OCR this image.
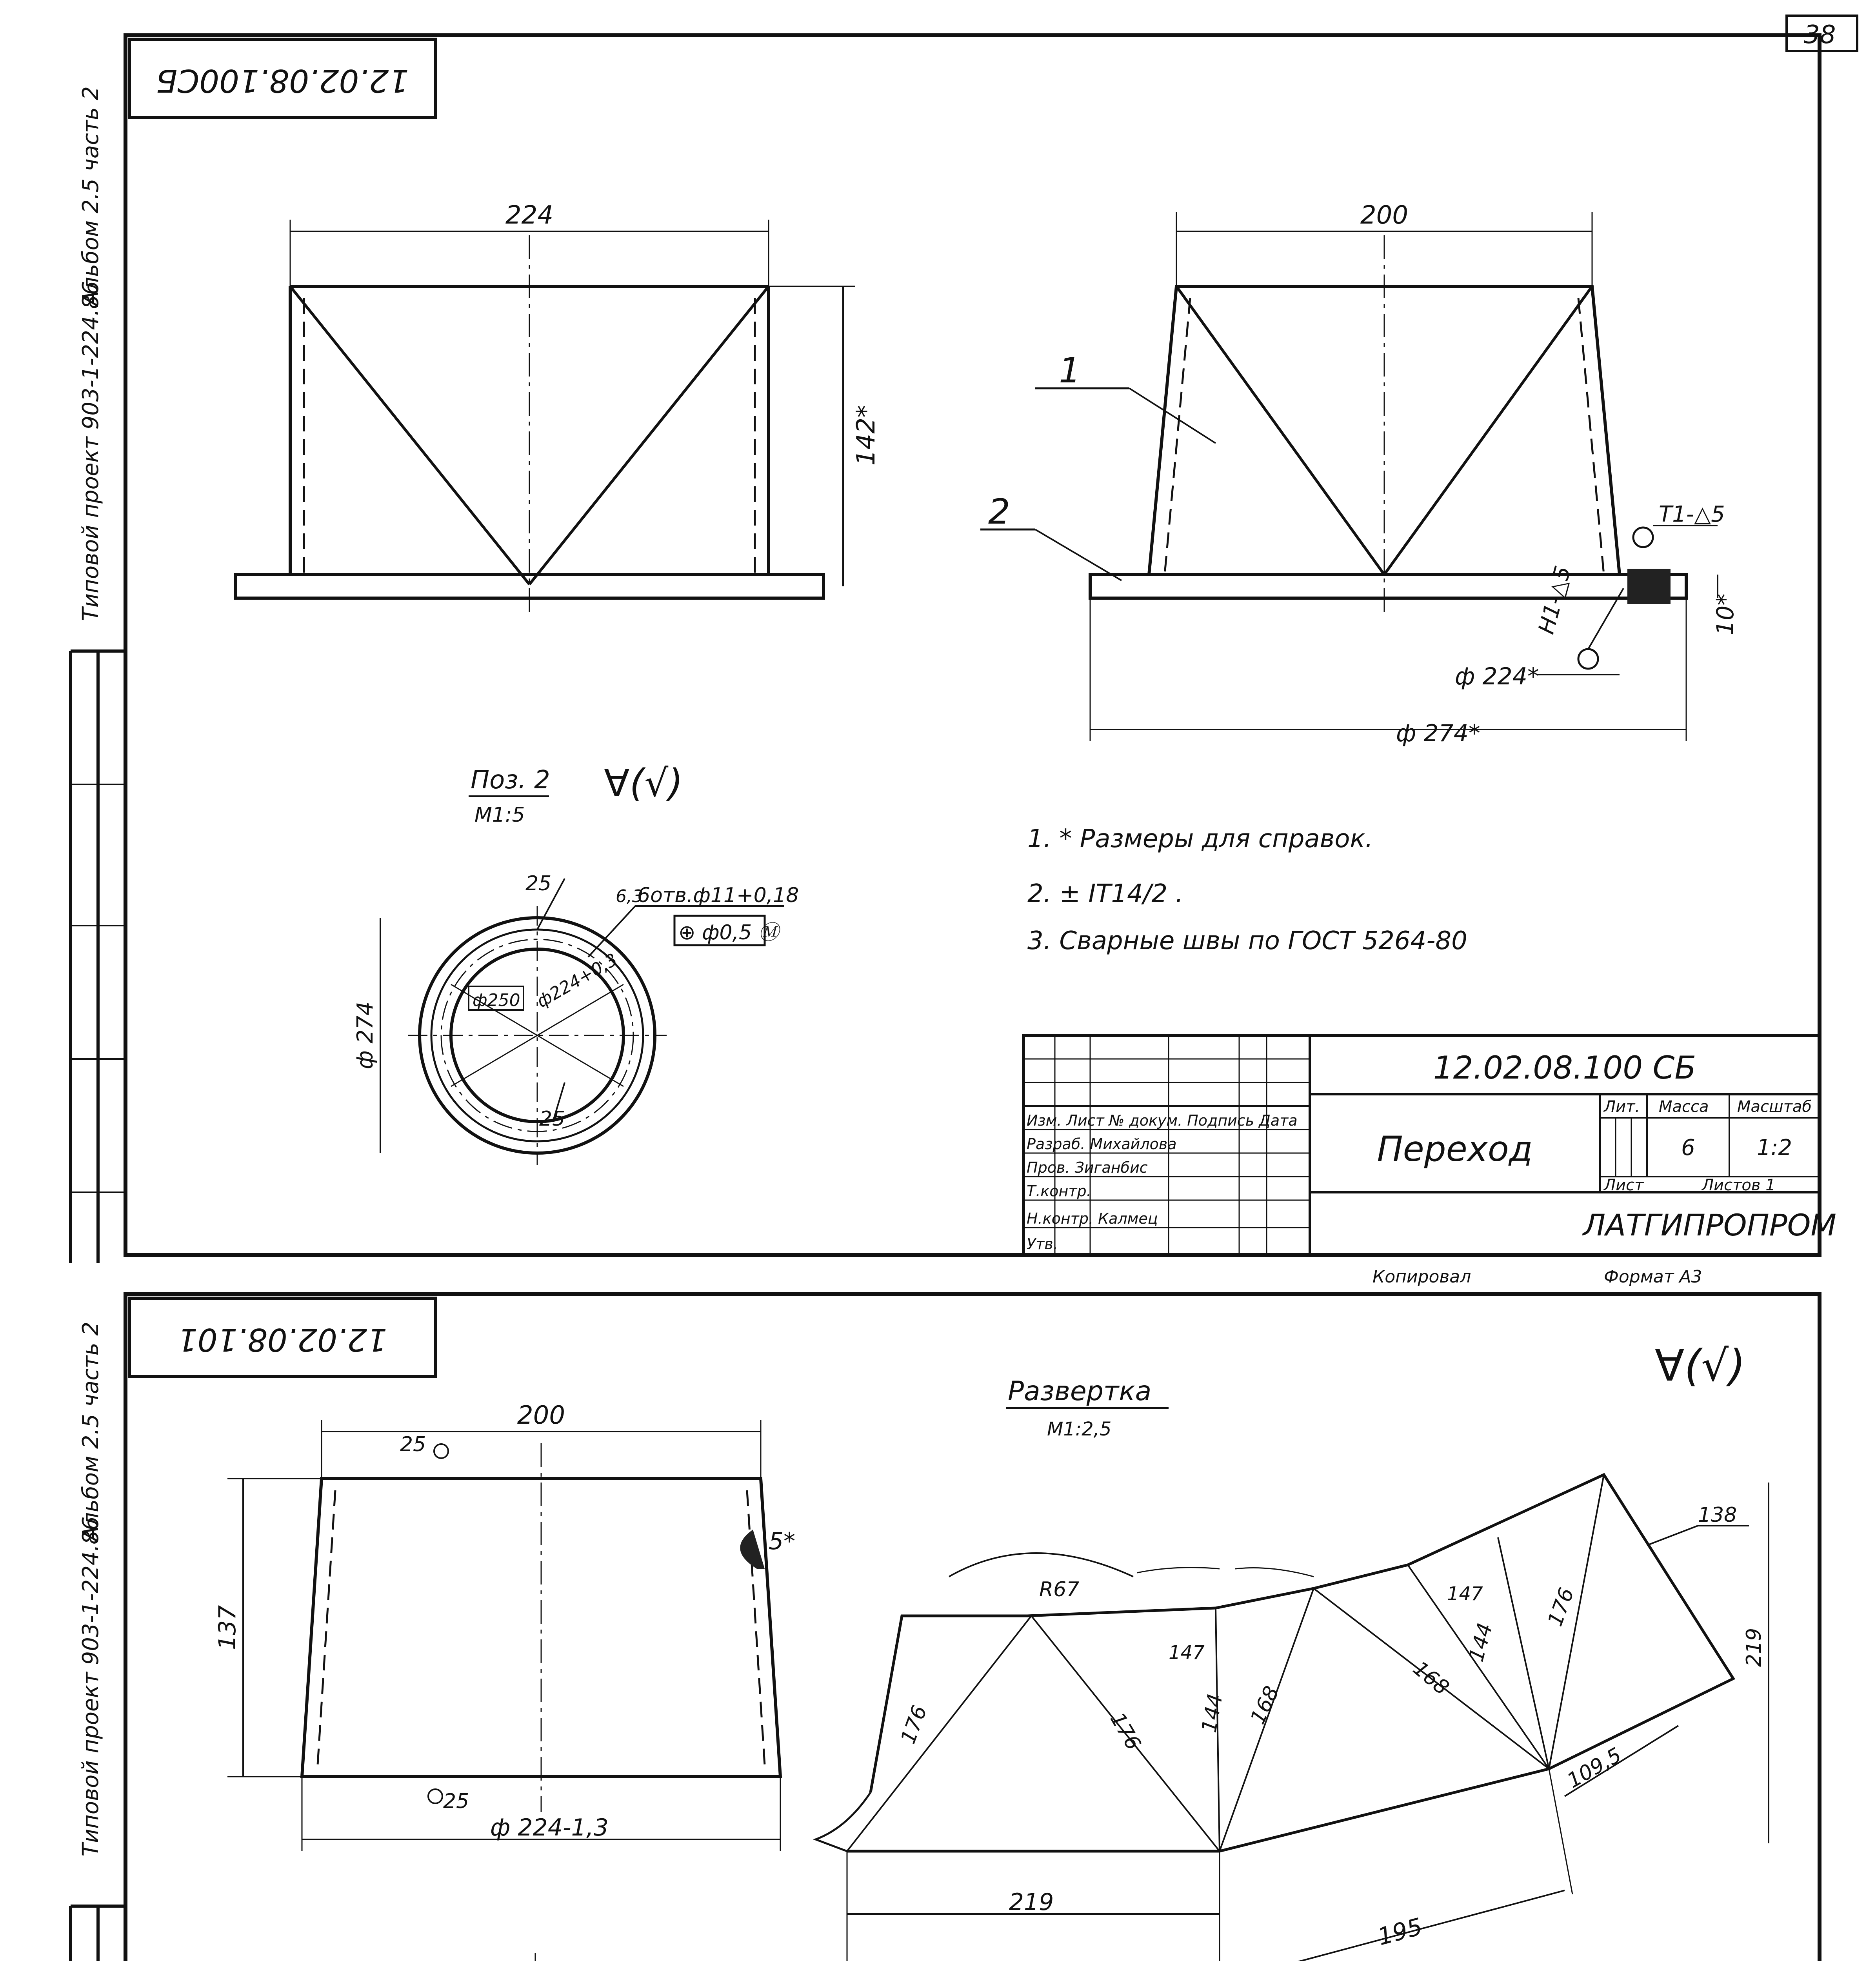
38
Типовой проект 903-1-224.86
Альбом 2.5 часть 2
12.02.08.100СБ
224
142*
200
1
2	Т1-△5
Н1-△5	10*
ф 224*
ф 274*
Поз. 2
М1:5
∀(√)
25
25
6,3
6отв.ф11+0,18
⊕ ф0,5 Ⓜ
ф250 ф224+0,3
ф 274
1. * Размеры для справок.
2. ± IT14/2 .
3. Сварные швы по ГОСТ 5264-80
Изм. Лист № докум. Подпись Дата
Разраб. Михайлова
Пров. Зиганбис
Т.контр.
Н.контр. Калмец
Утв.
12.02.08.100 СБ
Переход
Лит. Масса Масштаб
6	1:2
Лист	Листов 1
ЛАТГИПРОПРОМ
Копировал	Формат А3
Типовой проект 903-1-224.86
Альбом 2.5 часть 2 12.02.08.101
∀(√)
200
25
137
25
ф 224-1,3
5*
Развертка
М1:2,5
R67
176	176
147
144 168
168
147
144
176
138
219
109,5
219
195
